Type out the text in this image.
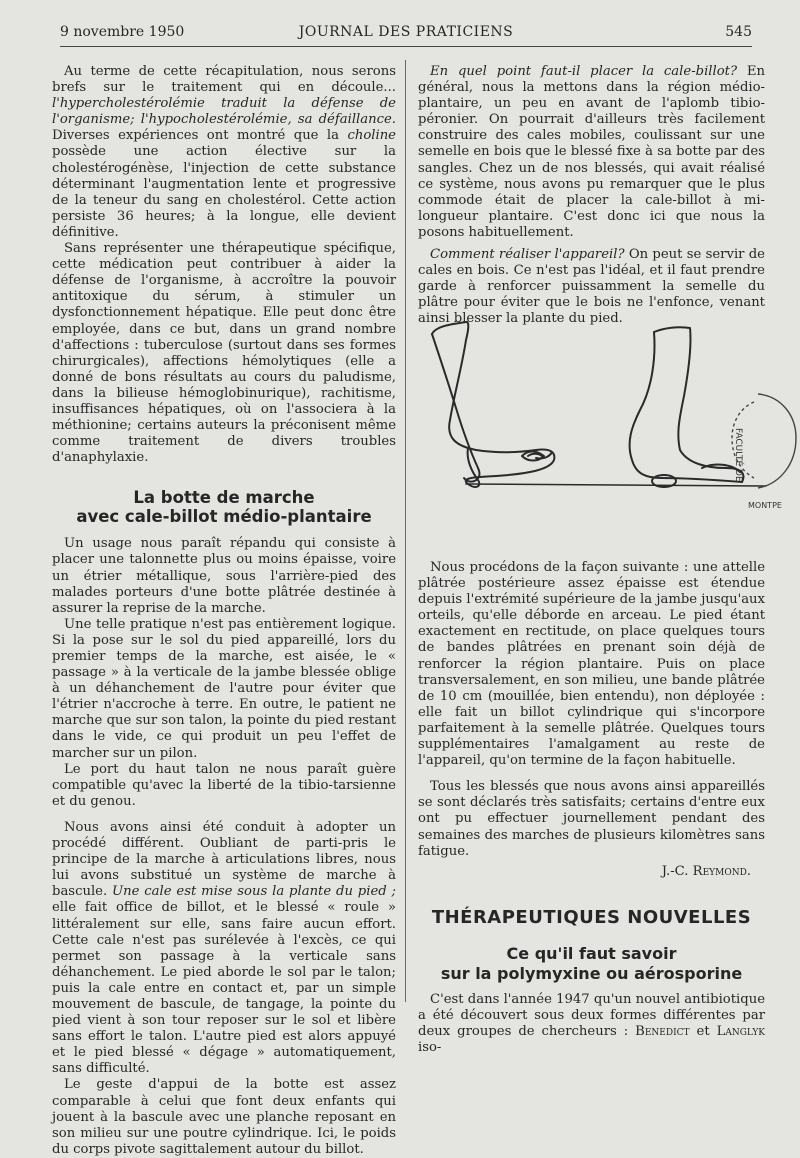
9 novembre 1950	JOURNAL DES PRATICIENS	545

Au terme de cette récapitulation, nous serons brefs sur le traitement qui en découle... l'hypercholestérolémie traduit la défense de l'organisme; l'hypocholestérolémie, sa défaillance. Diverses expériences ont montré que la choline possède une action élective sur la cholestérogénèse, l'injection de cette substance déterminant l'augmentation lente et progressive de la teneur du sang en cholestérol. Cette action persiste 36 heures; à la longue, elle devient définitive.

Sans représenter une thérapeutique spécifique, cette médication peut contribuer à aider la défense de l'organisme, à accroître la pouvoir antitoxique du sérum, à stimuler un dysfonctionnement hépatique. Elle peut donc être employée, dans ce but, dans un grand nombre d'affections : tuberculose (surtout dans ses formes chirurgicales), affections hémolytiques (elle a donné de bons résultats au cours du paludisme, dans la bilieuse hémoglobinurique), rachitisme, insuffisances hépatiques, où on l'associera à la méthionine; certains auteurs la préconisent même comme traitement de divers troubles d'anaphylaxie.

La botte de marche
avec cale-billot médio-plantaire

Un usage nous paraît répandu qui consiste à placer une talonnette plus ou moins épaisse, voire un étrier métallique, sous l'arrière-pied des malades porteurs d'une botte plâtrée destinée à assurer la reprise de la marche.

Une telle pratique n'est pas entièrement logique. Si la pose sur le sol du pied appareillé, lors du premier temps de la marche, est aisée, le « passage » à la verticale de la jambe blessée oblige à un déhanchement de l'autre pour éviter que l'étrier n'accroche à terre. En outre, le patient ne marche que sur son talon, la pointe du pied restant dans le vide, ce qui produit un peu l'effet de marcher sur un pilon.

Le port du haut talon ne nous paraît guère compatible qu'avec la liberté de la tibio-tarsienne et du genou.

Nous avons ainsi été conduit à adopter un procédé différent. Oubliant de parti-pris le principe de la marche à articulations libres, nous lui avons substitué un système de marche à bascule. Une cale est mise sous la plante du pied ; elle fait office de billot, et le blessé « roule » littéralement sur elle, sans faire aucun effort. Cette cale n'est pas surélevée à l'excès, ce qui permet son passage à la verticale sans déhanchement. Le pied aborde le sol par le talon; puis la cale entre en contact et, par un simple mouvement de bascule, de tangage, la pointe du pied vient à son tour reposer sur le sol et libère sans effort le talon. L'autre pied est alors appuyé et le pied blessé « dégage » automatiquement, sans difficulté.

Le geste d'appui de la botte est assez comparable à celui que font deux enfants qui jouent à la bascule avec une planche reposant en son milieu sur une poutre cylindrique. Ici, le poids du corps pivote sagittalement autour du billot.

En quel point faut-il placer la cale-billot? En général, nous la mettons dans la région médio-plantaire, un peu en avant de l'aplomb tibio-péronier. On pourrait d'ailleurs très facilement construire des cales mobiles, coulissant sur une semelle en bois que le blessé fixe à sa botte par des sangles. Chez un de nos blessés, qui avait réalisé ce système, nous avons pu remarquer que le plus commode était de placer la cale-billot à mi-longueur plantaire. C'est donc ici que nous la posons habituellement.

Comment réaliser l'appareil? On peut se servir de cales en bois. Ce n'est pas l'idéal, et il faut prendre garde à renforcer puissamment la semelle du plâtre pour éviter que le bois ne l'enfonce, venant ainsi blesser la plante du pied.

FACULTÉ DE
MONTPE

Nous procédons de la façon suivante : une attelle plâtrée postérieure assez épaisse est étendue depuis l'extrémité supérieure de la jambe jusqu'aux orteils, qu'elle déborde en arceau. Le pied étant exactement en rectitude, on place quelques tours de bandes plâtrées en prenant soin déjà de renforcer la région plantaire. Puis on place transversalement, en son milieu, une bande plâtrée de 10 cm (mouillée, bien entendu), non déployée : elle fait un billot cylindrique qui s'incorpore parfaitement à la semelle plâtrée. Quelques tours supplémentaires l'amalgament au reste de l'appareil, qu'on termine de la façon habituelle.

Tous les blessés que nous avons ainsi appareillés se sont déclarés très satisfaits; certains d'entre eux ont pu effectuer journellement pendant des semaines des marches de plusieurs kilomètres sans fatigue.

J.-C. Reymond.
THÉRAPEUTIQUES NOUVELLES
Ce qu'il faut savoir
sur la polymyxine ou aérosporine

C'est dans l'année 1947 qu'un nouvel antibiotique a été découvert sous deux formes différentes par deux groupes de chercheurs : Benedict et Langlyk iso-
